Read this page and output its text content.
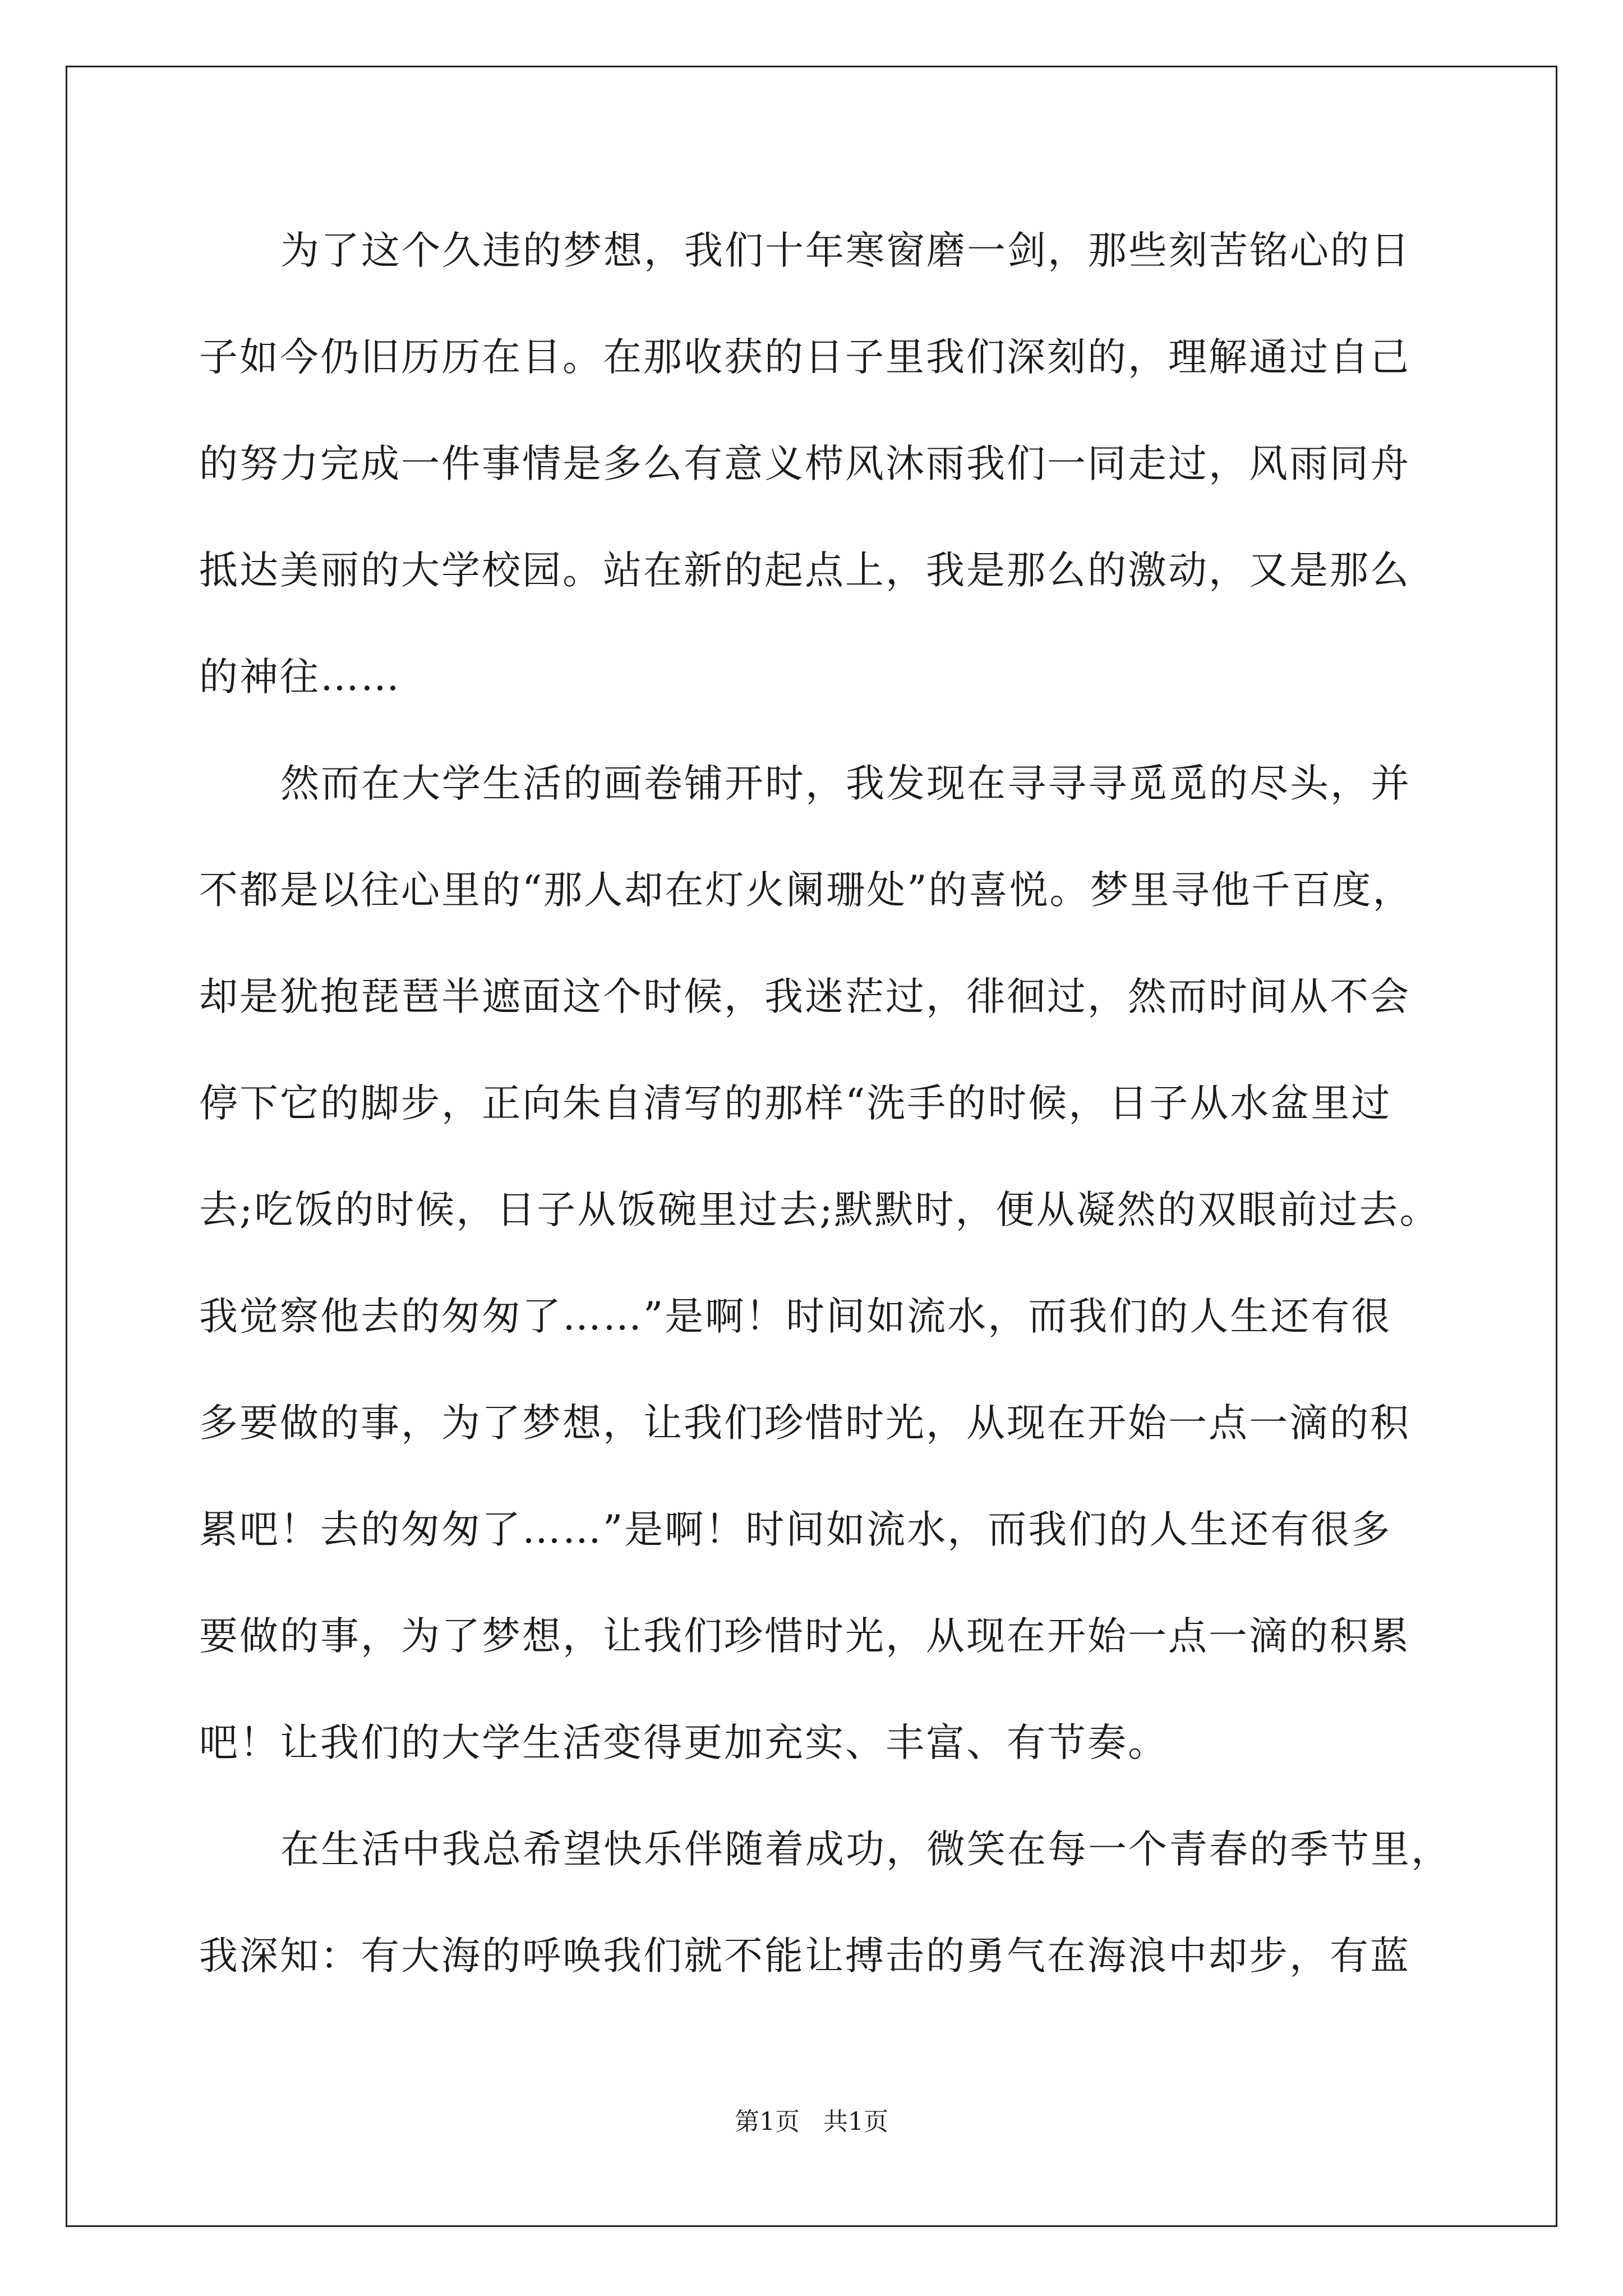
为了这个久违的梦想，我们十年寒窗磨一剑，那些刻苦铭心的日
子如今仍旧历历在目。在那收获的日子里我们深刻的，理解通过自己
的努力完成一件事情是多么有意义栉风沐雨我们一同走过，风雨同舟
抵达美丽的大学校园。站在新的起点上，我是那么的激动，又是那么
的神往……
然而在大学生活的画卷铺开时，我发现在寻寻寻觅觅的尽头，并
不都是以往心里的“那人却在灯火阑珊处”的喜悦。梦里寻他千百度，
却是犹抱琵琶半遮面这个时候，我迷茫过，徘徊过，然而时间从不会
停下它的脚步，正向朱自清写的那样“洗手的时候，日子从水盆里过
去;吃饭的时候，日子从饭碗里过去;默默时，便从凝然的双眼前过去。
我觉察他去的匆匆了……”是啊！时间如流水，而我们的人生还有很
多要做的事，为了梦想，让我们珍惜时光，从现在开始一点一滴的积
累吧！去的匆匆了……”是啊！时间如流水，而我们的人生还有很多
要做的事，为了梦想，让我们珍惜时光，从现在开始一点一滴的积累
吧！让我们的大学生活变得更加充实、丰富、有节奏。
在生活中我总希望快乐伴随着成功，微笑在每一个青春的季节里，
我深知：有大海的呼唤我们就不能让搏击的勇气在海浪中却步，有蓝
第1页 共1页
